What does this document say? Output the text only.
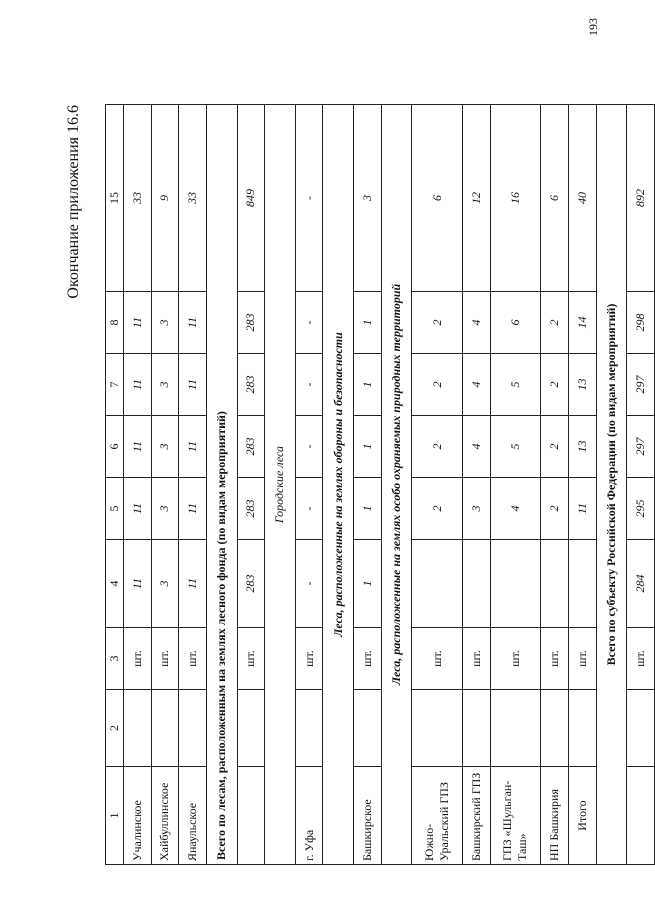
193
Окончание приложения 16.6
1	2	3	4	5	6	7	8	15
Учалинское		шт.	11	11	11	11	11	33
Хайбуллинское		шт.	3	3	3	3	3	9
Янаульское		шт.	11	11	11	11	11	33
Всего по лесам, расположенным на землях лесного фонда (по видам мероприятий)								
		шт.	283	283	283	283	283	849
Городские леса								
г. Уфа		шт.	-	-	-	-	-	-
Леса, расположенные на землях обороны и безопасности								
Башкирское		шт.	1	1	1	1	1	3
Леса, расположенные на землях особо охраняемых природных территорий								
Южно-Уральский ГПЗ		шт.		2	2	2	2	6
Башкирский ГПЗ		шт.		3	4	4	4	12
ГПЗ «Шульган-Таш»		шт.		4	5	5	6	16
НП Башкирия		шт.		2	2	2	2	6
Итого		шт.		11	13	13	14	40
Всего по субъекту Российской Федерации (по видам мероприятий)								
		шт.	284	295	297	297	298	892
